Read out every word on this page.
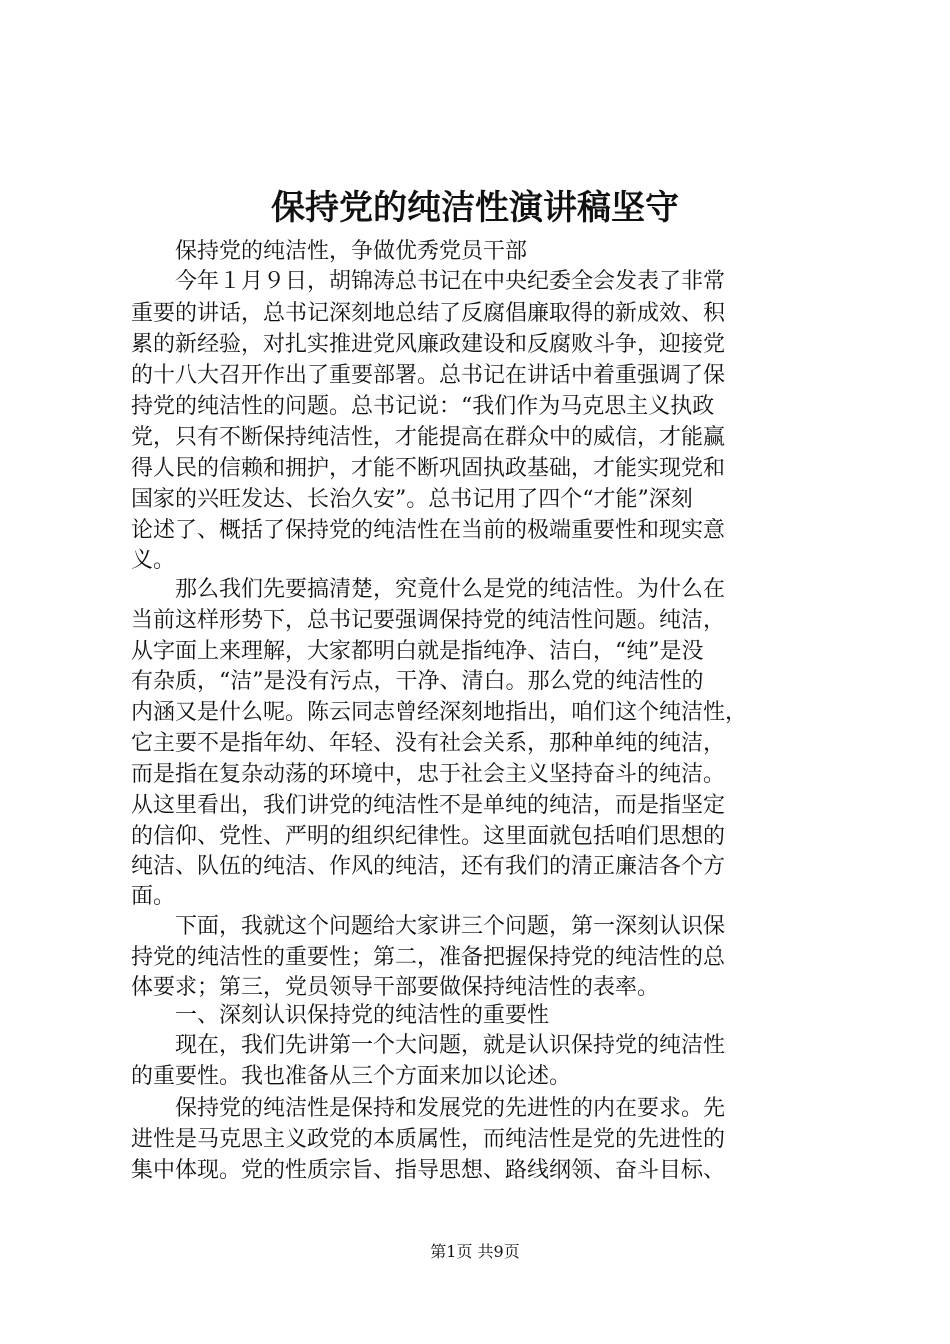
保持党的纯洁性演讲稿坚守
　　保持党的纯洁性，争做优秀党员干部
　　今年１月９日，胡锦涛总书记在中央纪委全会发表了非常
重要的讲话，总书记深刻地总结了反腐倡廉取得的新成效、积
累的新经验，对扎实推进党风廉政建设和反腐败斗争，迎接党
的十八大召开作出了重要部署。总书记在讲话中着重强调了保
持党的纯洁性的问题。总书记说：“我们作为马克思主义执政
党，只有不断保持纯洁性，才能提高在群众中的威信，才能赢
得人民的信赖和拥护，才能不断巩固执政基础，才能实现党和
国家的兴旺发达、长治久安”。总书记用了四个“才能”深刻
论述了、概括了保持党的纯洁性在当前的极端重要性和现实意
义。
　　那么我们先要搞清楚，究竟什么是党的纯洁性。为什么在
当前这样形势下，总书记要强调保持党的纯洁性问题。纯洁，
从字面上来理解，大家都明白就是指纯净、洁白，“纯”是没
有杂质，“洁”是没有污点，干净、清白。那么党的纯洁性的
内涵又是什么呢。陈云同志曾经深刻地指出，咱们这个纯洁性，
它主要不是指年幼、年轻、没有社会关系，那种单纯的纯洁，
而是指在复杂动荡的环境中，忠于社会主义坚持奋斗的纯洁。
从这里看出，我们讲党的纯洁性不是单纯的纯洁，而是指坚定
的信仰、党性、严明的组织纪律性。这里面就包括咱们思想的
纯洁、队伍的纯洁、作风的纯洁，还有我们的清正廉洁各个方
面。
　　下面，我就这个问题给大家讲三个问题，第一深刻认识保
持党的纯洁性的重要性；第二，准备把握保持党的纯洁性的总
体要求；第三，党员领导干部要做保持纯洁性的表率。
　　一、深刻认识保持党的纯洁性的重要性
　　现在，我们先讲第一个大问题，就是认识保持党的纯洁性
的重要性。我也准备从三个方面来加以论述。
　　保持党的纯洁性是保持和发展党的先进性的内在要求。先
进性是马克思主义政党的本质属性，而纯洁性是党的先进性的
集中体现。党的性质宗旨、指导思想、路线纲领、奋斗目标、
第1页 共9页
